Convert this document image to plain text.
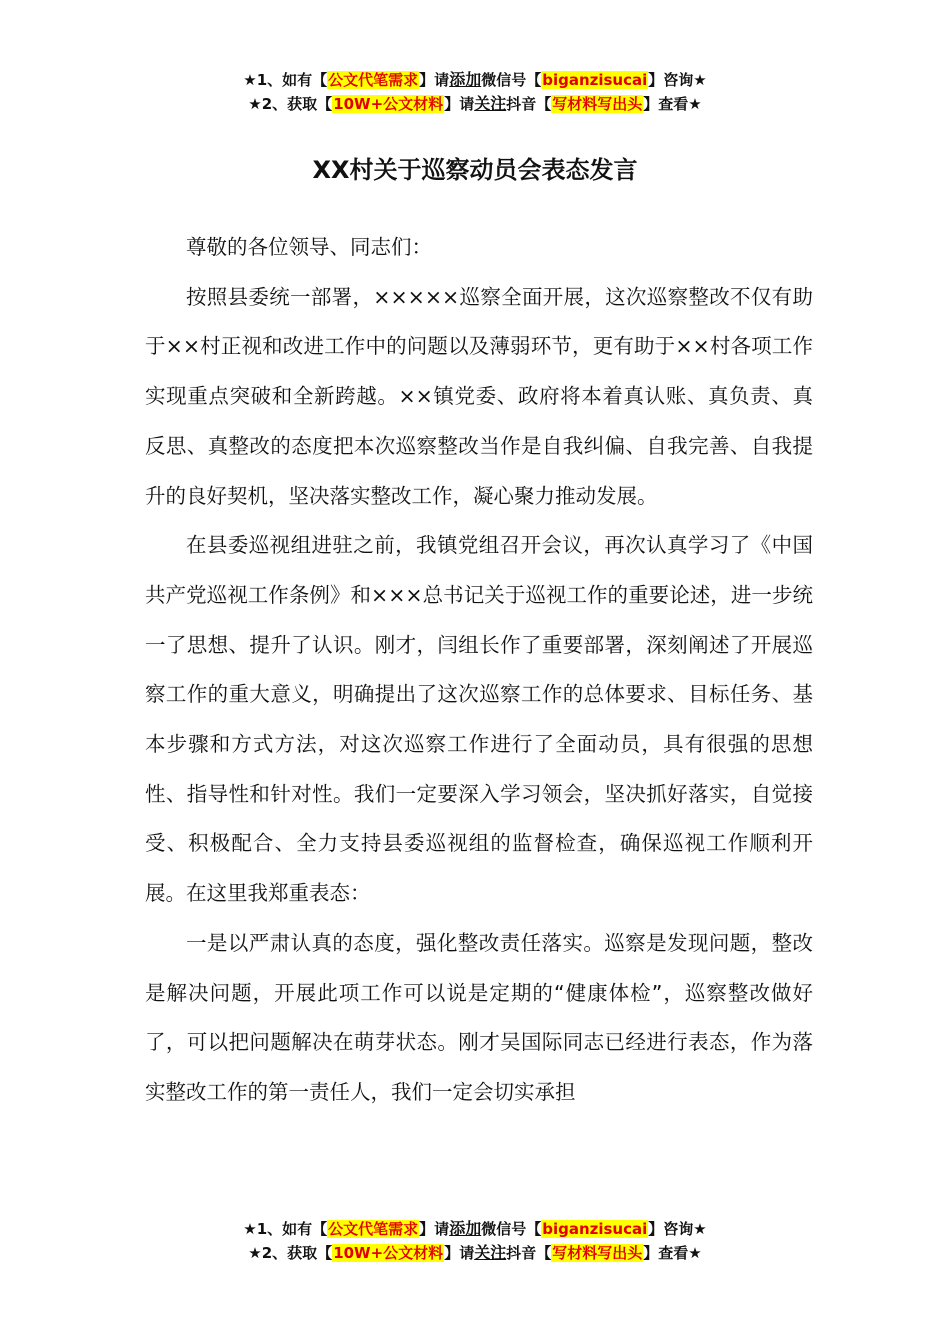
★1、如有【公文代笔需求】请添加微信号【biganzisucai】咨询★
★2、获取【10W+公文材料】请关注抖音【写材料写出头】查看★
XX村关于巡察动员会表态发言

尊敬的各位领导、同志们：

按照县委统一部署，×××××巡察全面开展，这次巡察整改不仅有助于××村正视和改进工作中的问题以及薄弱环节，更有助于××村各项工作实现重点突破和全新跨越。××镇党委、政府将本着真认账、真负责、真反思、真整改的态度把本次巡察整改当作是自我纠偏、自我完善、自我提升的良好契机，坚决落实整改工作，凝心聚力推动发展。

在县委巡视组进驻之前，我镇党组召开会议，再次认真学习了《中国共产党巡视工作条例》和×××总书记关于巡视工作的重要论述，进一步统一了思想、提升了认识。刚才，闫组长作了重要部署，深刻阐述了开展巡察工作的重大意义，明确提出了这次巡察工作的总体要求、目标任务、基本步骤和方式方法，对这次巡察工作进行了全面动员，具有很强的思想性、指导性和针对性。我们一定要深入学习领会，坚决抓好落实，自觉接受、积极配合、全力支持县委巡视组的监督检查，确保巡视工作顺利开展。在这里我郑重表态：

一是以严肃认真的态度，强化整改责任落实。巡察是发现问题，整改是解决问题，开展此项工作可以说是定期的“健康体检”，巡察整改做好了，可以把问题解决在萌芽状态。刚才吴国际同志已经进行表态，作为落实整改工作的第一责任人，我们一定会切实承担

★1、如有【公文代笔需求】请添加微信号【biganzisucai】咨询★
★2、获取【10W+公文材料】请关注抖音【写材料写出头】查看★
